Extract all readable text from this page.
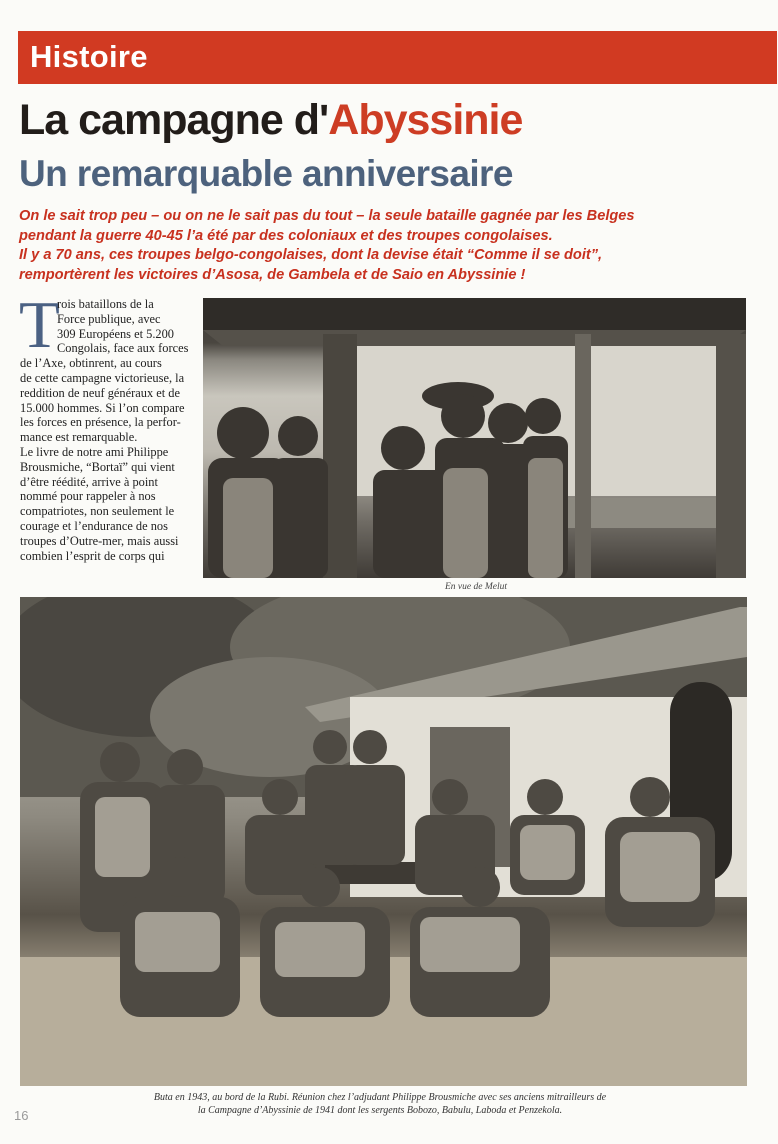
Histoire
La campagne d'Abyssinie
Un remarquable anniversaire

On le sait trop peu – ou on ne le sait pas du tout – la seule bataille gagnée par les Belges
pendant la guerre 40-45 l’a été par des coloniaux et des troupes congolaises.
Il y a 70 ans, ces troupes belgo-congolaises, dont la devise était “Comme il se doit”,
remportèrent les victoires d’Asosa, de Gambela et de Saio en Abyssinie !

T
rois bataillons de la
Force publique, avec
309 Européens et 5.200
Congolais, face aux forces
de l’Axe, obtinrent, au cours
de cette campagne victorieuse, la
reddition de neuf généraux et de
15.000 hommes. Si l’on compare
les forces en présence, la perfor-
mance est remarquable.
Le livre de notre ami Philippe
Brousmiche, “Bortaï” qui vient
d’être réédité, arrive à point
nommé pour rappeler à nos
compatriotes, non seulement le
courage et l’endurance de nos
troupes d’Outre-mer, mais aussi
combien l’esprit de corps qui
En vue de Melut
Buta en 1943, au bord de la Rubi. Réunion chez l’adjudant Philippe Brousmiche avec ses anciens mitrailleurs de
la Campagne d’Abyssinie de 1941 dont les sergents Bobozo, Babulu, Laboda et Penzekola.
16
